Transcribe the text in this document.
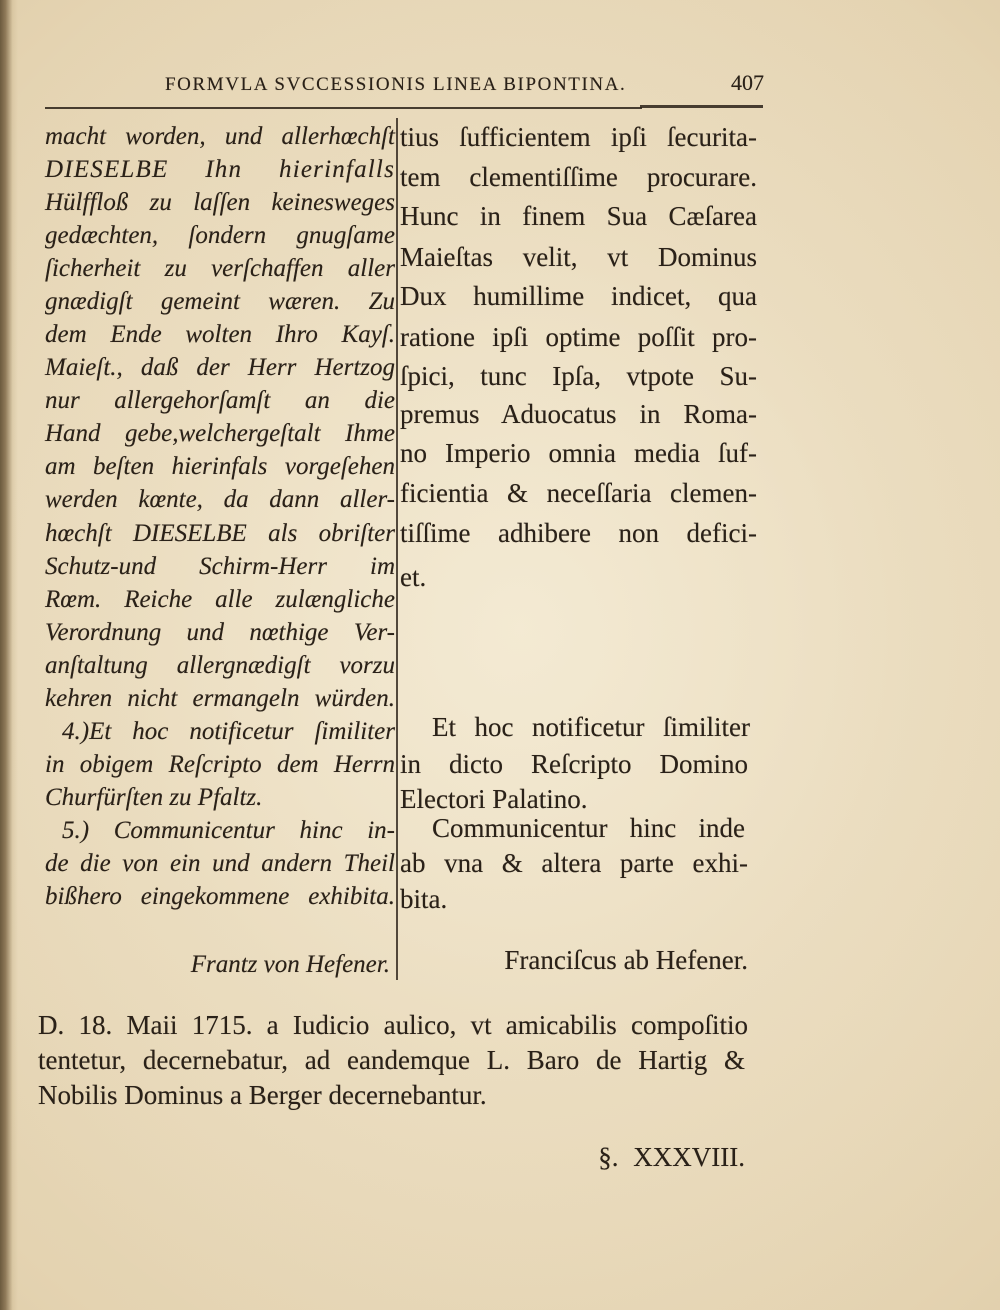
FORMVLA SVCCESSIONIS LINEA BIPONTINA.	407
macht worden, und allerhœchſt
DIESELBE Ihn hierinfalls
Hülffloß zu laſſen keinesweges
gedæchten, ſondern gnugſame
ſicherheit zu verſchaffen aller
gnædigſt gemeint wæren. Zu
dem Ende wolten Ihro Kayſ.
Maieſt., daß der Herr Hertzog
nur allergehorſamſt an die
Hand gebe,welchergeſtalt Ihme
am beſten hierinfals vorgeſehen
werden kœnte, da dann aller-
hœchſt DIESELBE als obriſter
Schutz-und Schirm-Herr im
Rœm. Reiche alle zulængliche
Verordnung und nœthige Ver-
anſtaltung allergnædigſt vorzu
kehren nicht ermangeln würden.
4.)Et hoc notificetur ſimiliter
in obigem Reſcripto dem Herrn
Churfürſten zu Pfaltz.
5.) Communicentur hinc in-
de die von ein und andern Theil
bißhero eingekommene exhibita.
Frantz von Hefener.
tius ſufficientem ipſi ſecurita-
tem clementiſſime procurare.
Hunc in finem Sua Cæſarea
Maieſtas velit, vt Dominus
Dux humillime indicet, qua
ratione ipſi optime poſſit pro-
ſpici, tunc Ipſa, vtpote Su-
premus Aduocatus in Roma-
no Imperio omnia media ſuf-
ficientia & neceſſaria clemen-
tiſſime adhibere non defici-
et.
Et hoc notificetur ſimiliter
in dicto Reſcripto Domino
Electori Palatino.
Communicentur hinc inde
ab vna & altera parte exhi-
bita.
Franciſcus ab Hefener.
D. 18. Maii 1715. a Iudicio aulico, vt amicabilis compoſitio
tentetur, decernebatur, ad eandemque L. Baro de Hartig &
Nobilis Dominus a Berger decernebantur.
§. XXXVIII.
